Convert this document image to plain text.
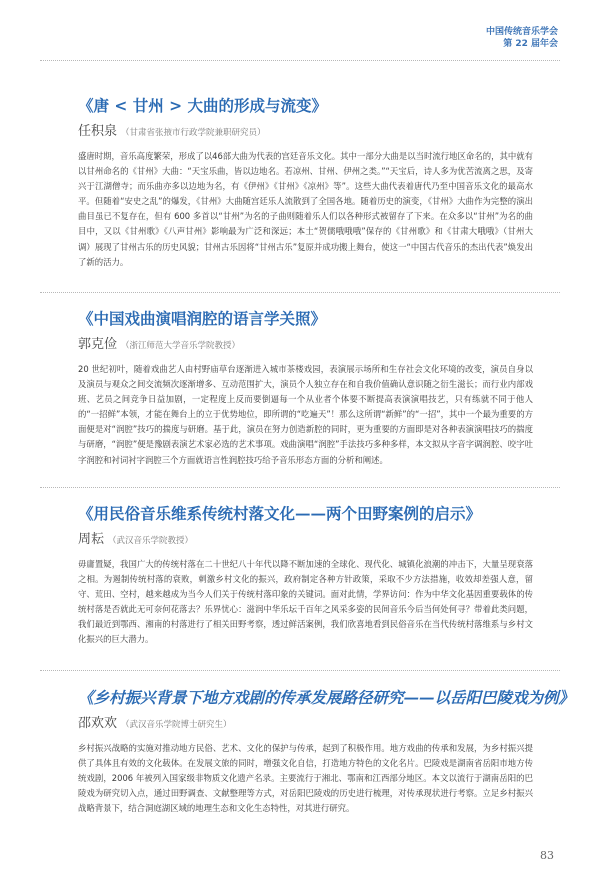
中国传统音乐学会
第 22 届年会
《唐 < 甘州 > 大曲的形成与流变》
任积泉 （甘肃省张掖市行政学院兼职研究员）

盛唐时期，音乐高度繁荣，形成了以46部大曲为代表的宫廷音乐文化。其中一部分大曲是以当时流行地区命名的，其中就有以甘州命名的《甘州》大曲：“天宝乐曲，皆以边地名。若凉州、甘州、伊州之类。”“天宝后，诗人多为优苦流离之思，及寄兴于江湖僧寺；而乐曲亦多以边地为名，有《伊州》《甘州》《凉州》等”。这些大曲代表着唐代乃至中国音乐文化的最高水平。但随着“安史之乱”的爆发，《甘州》大曲随宫廷乐人流散到了全国各地。随着历史的演变，《甘州》大曲作为完整的演出曲目虽已不复存在，但有 600 多首以“甘州”为名的子曲则随着乐人们以各种形式被留存了下来。在众多以“甘州”为名的曲目中，又以《甘州歌》《八声甘州》影响最为广泛和深远；本土“贺儒哦哦哦”保存的《甘州歌》和《甘肃大哦哦》（甘州大调）展现了甘州古乐的历史风貌；甘州古乐因将“甘州古乐”复原并成功搬上舞台，使这一“中国古代音乐的杰出代表”焕发出了新的活力。

《中国戏曲演唱润腔的语言学关照》
郭克俭 （浙江师范大学音乐学院教授）

20 世纪初叶，随着戏曲艺人由村野庙草台逐渐进入城市茶楼戏园，表演展示场所和生存社会文化环境的改变，演员自身以及演员与观众之间交流频次逐渐增多、互动范围扩大，演员个人独立存在和自我价值确认意识随之衍生滋长；而行业内部戏班、艺员之间竞争日益加剧，一定程度上反而要倒逼每一个从业者个体要不断提高表演演唱技艺，只有练就不同于他人的“一招鲜”本领，才能在舞台上的立于优势地位，即所谓的“吃遍天”！那么这所谓“新鲜”的“一招”，其中一个最为重要的方面便是对“润腔”技巧的揣度与研磨。基于此，演员在努力创造新腔的同时，更为重要的方面即是对各种表演演唱技巧的揣度与研磨，“润腔”便是豫剧表演艺术家必选的艺术事项。戏曲演唱“润腔”手法技巧多种多样，本文拟从字音字调润腔、咬字吐字润腔和衬词衬字润腔三个方面就语言性润腔技巧给予音乐形态方面的分析和阐述。

《用民俗音乐维系传统村落文化——两个田野案例的启示》
周耘 （武汉音乐学院教授）

毋庸置疑，我国广大的传统村落在二十世纪八十年代以降不断加速的全球化、现代化、城镇化浪潮的冲击下，大量呈现衰落之相。为遏制传统村落的衰败，刺激乡村文化的振兴，政府制定各种方针政策，采取不少方法措施，收效却差强人意，留守、荒田、空村，越来越成为当今人们关于传统村落印象的关键词。面对此情，学界访问：作为中华文化基因重要载体的传统村落是否就此无可奈何花落去？乐界忧心：滋润中华乐坛千百年之风采多姿的民间音乐今后当何处何寻？带着此类问题，我们最近到鄂西、湘南的村落进行了相关田野考察，透过鲜活案例，我们欣喜地看到民俗音乐在当代传统村落维系与乡村文化振兴的巨大潜力。

《乡村振兴背景下地方戏剧的传承发展路径研究——以岳阳巴陵戏为例》
邵欢欢 （武汉音乐学院博士研究生）

乡村振兴战略的实施对推动地方民俗、艺术、文化的保护与传承，起到了积极作用。地方戏曲的传承和发展，为乡村振兴提供了具体且有效的文化载体。在发展文旅的同时，增强文化自信，打造地方特色的文化名片。巴陵戏是湖南省岳阳市地方传统戏剧，2006 年被列入国家级非物质文化遗产名录。主要流行于湘北、鄂南和江西部分地区。本文以流行于湖南岳阳的巴陵戏为研究切入点，通过田野调查、文献整理等方式，对岳阳巴陵戏的历史进行梳理，对传承现状进行考察。立足乡村振兴战略背景下，结合洞庭湖区域的地理生态和文化生态特性，对其进行研究。

83
